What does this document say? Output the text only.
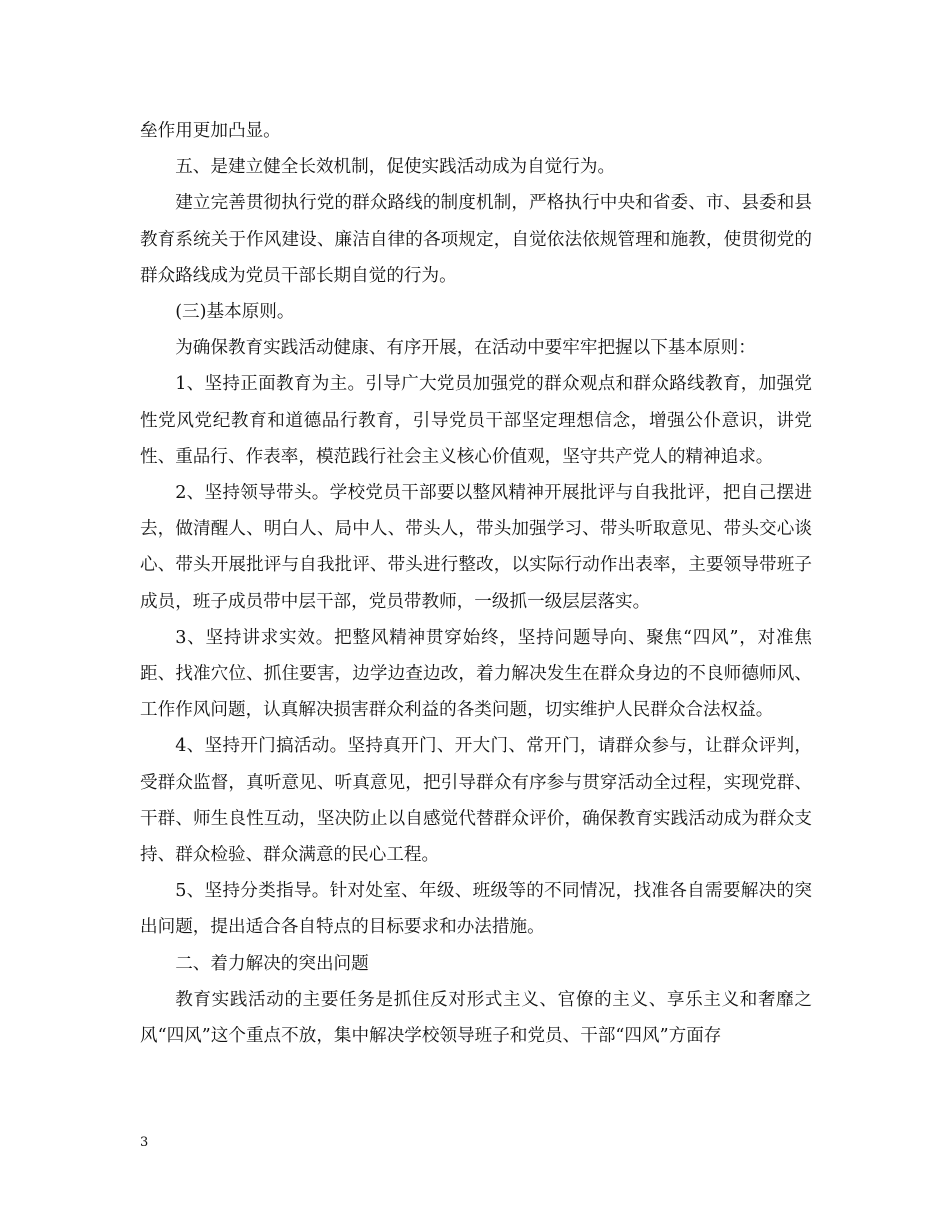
垒作用更加凸显。

五、是建立健全长效机制，促使实践活动成为自觉行为。

建立完善贯彻执行党的群众路线的制度机制，严格执行中央和省委、市、县委和县教育系统关于作风建设、廉洁自律的各项规定，自觉依法依规管理和施教，使贯彻党的群众路线成为党员干部长期自觉的行为。

(三)基本原则。

为确保教育实践活动健康、有序开展，在活动中要牢牢把握以下基本原则：

1、坚持正面教育为主。引导广大党员加强党的群众观点和群众路线教育，加强党性党风党纪教育和道德品行教育，引导党员干部坚定理想信念，增强公仆意识，讲党性、重品行、作表率，模范践行社会主义核心价值观，坚守共产党人的精神追求。

2、坚持领导带头。学校党员干部要以整风精神开展批评与自我批评，把自己摆进去，做清醒人、明白人、局中人、带头人，带头加强学习、带头听取意见、带头交心谈心、带头开展批评与自我批评、带头进行整改，以实际行动作出表率，主要领导带班子成员，班子成员带中层干部，党员带教师，一级抓一级层层落实。

3、坚持讲求实效。把整风精神贯穿始终，坚持问题导向、聚焦“四风”，对准焦距、找准穴位、抓住要害，边学边查边改，着力解决发生在群众身边的不良师德师风、工作作风问题，认真解决损害群众利益的各类问题，切实维护人民群众合法权益。

4、坚持开门搞活动。坚持真开门、开大门、常开门，请群众参与，让群众评判，受群众监督，真听意见、听真意见，把引导群众有序参与贯穿活动全过程，实现党群、干群、师生良性互动，坚决防止以自感觉代替群众评价，确保教育实践活动成为群众支持、群众检验、群众满意的民心工程。

5、坚持分类指导。针对处室、年级、班级等的不同情况，找准各自需要解决的突出问题，提出适合各自特点的目标要求和办法措施。

二、着力解决的突出问题

教育实践活动的主要任务是抓住反对形式主义、官僚的主义、享乐主义和奢靡之风“四风”这个重点不放，集中解决学校领导班子和党员、干部“四风”方面存

3
